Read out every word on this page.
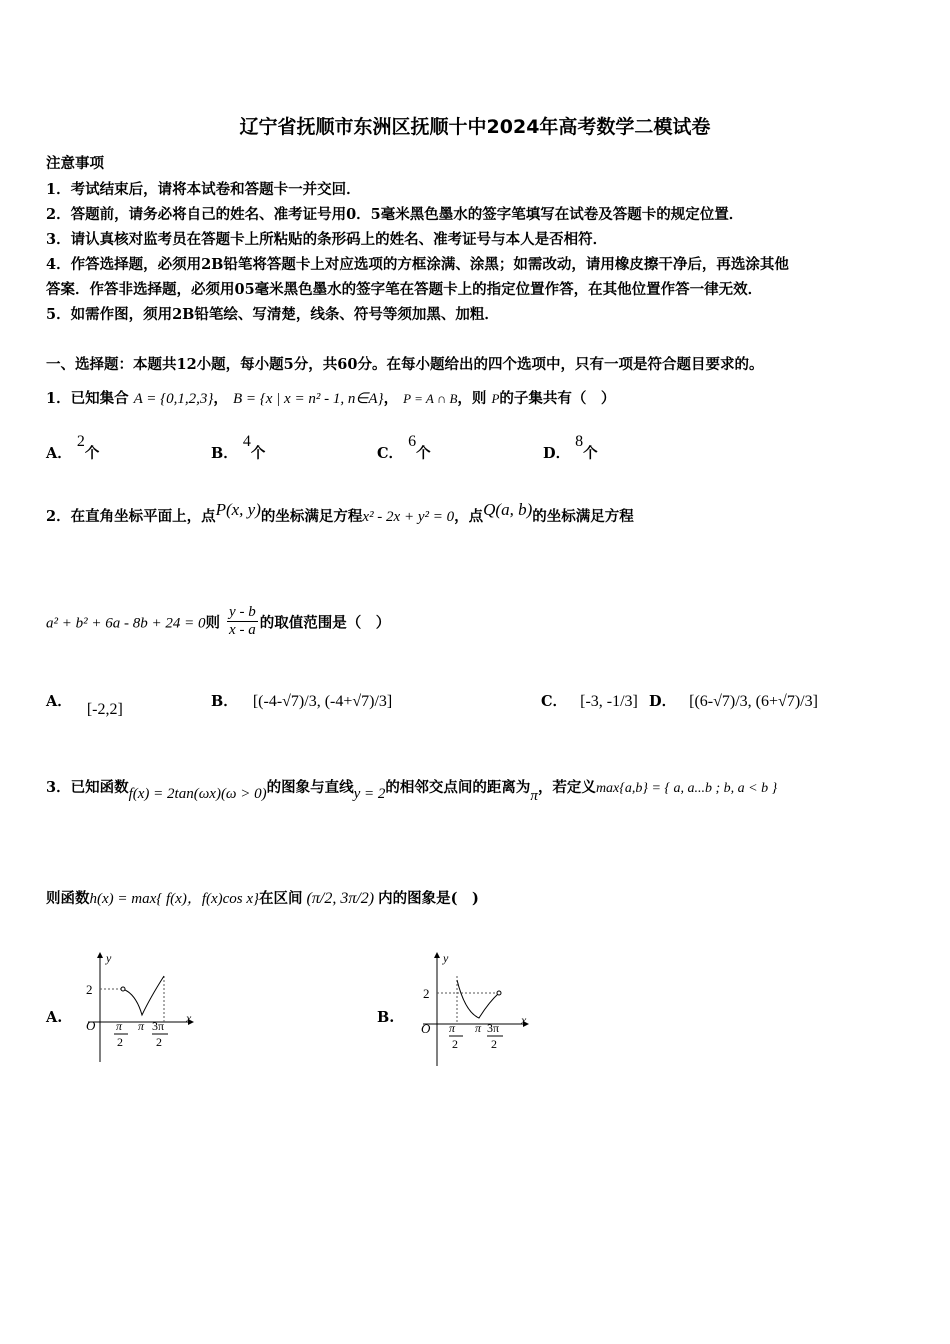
辽宁省抚顺市东洲区抚顺十中2024年高考数学二模试卷
注意事项
1．考试结束后，请将本试卷和答题卡一并交回．
2．答题前，请务必将自己的姓名、准考证号用0．5毫米黑色墨水的签字笔填写在试卷及答题卡的规定位置．
3．请认真核对监考员在答题卡上所粘贴的条形码上的姓名、准考证号与本人是否相符．
4．作答选择题，必须用2B铅笔将答题卡上对应选项的方框涂满、涂黑；如需改动，请用橡皮擦干净后，再选涂其他
答案．作答非选择题，必须用05毫米黑色墨水的签字笔在答题卡上的指定位置作答，在其他位置作答一律无效．
5．如需作图，须用2B铅笔绘、写清楚，线条、符号等须加黑、加粗．
一、选择题：本题共12小题，每小题5分，共60分。在每小题给出的四个选项中，只有一项是符合题目要求的。
1．已知集合 A = {0,1,2,3}， B = {x | x = n² - 1, n∈A}， P = A ∩ B，则 P的子集共有（　）
A． 2个	B． 4个	C． 6个	D． 8个
2．在直角坐标平面上，点P(x, y)的坐标满足方程x² - 2x + y² = 0，点Q(a, b)的坐标满足方程
a² + b² + 6a - 8b + 24 = 0则 $\frac{y - b}{x - a}$ 的取值范围是（　）
A． [-2,2]	B． [(-4-√7)/3, (-4+√7)/3]	C． [-3, -1/3] D． [(6-√7)/3, (6+√7)/3]
3．已知函数f(x) = 2tan(ωx)(ω > 0)的图象与直线y = 2的相邻交点间的距离为π，若定义max{a,b} = { a, a...b ; b, a < b }
则函数h(x) = max{ f(x)，f(x)cos x}在区间 (π/2, 3π/2) 内的图象是(　)
A.
y
x
O
2
π
2
π 3π
2
B.
y
x
O
2
π
2
π 3π
2
